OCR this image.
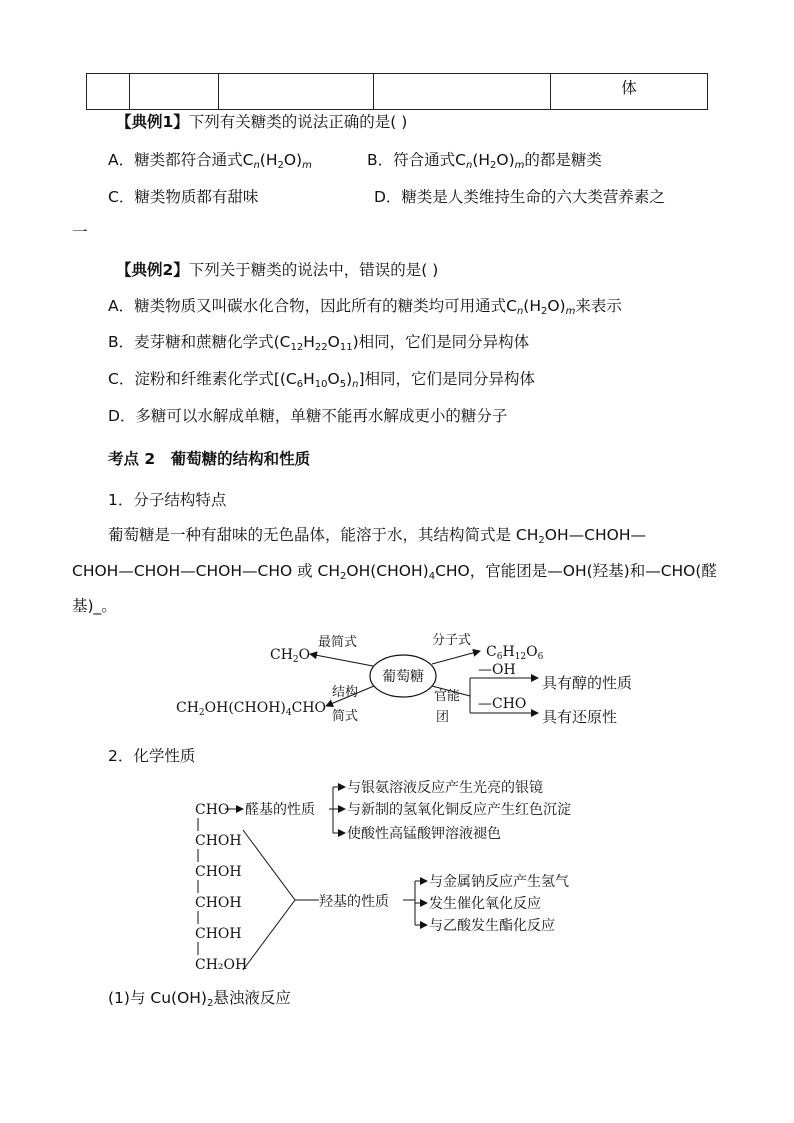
				体
【典例1】下列有关糖类的说法正确的是( )
A．糖类都符合通式$C_n(H_2O)_m$	B．符合通式$C_n(H_2O)_m$的都是糖类
C．糖类物质都有甜味	D．糖类是人类维持生命的六大类营养素之
一
【典例2】下列关于糖类的说法中，错误的是( )
A．糖类物质又叫碳水化合物，因此所有的糖类均可用通式$C_n(H_2O)_m$来表示
B．麦芽糖和蔗糖化学式$(C_{12}H_{22}O_{11})$相同，它们是同分异构体
C．淀粉和纤维素化学式$[(C_6H_{10}O_5)_n]$相同，它们是同分异构体
D．多糖可以水解成单糖，单糖不能再水解成更小的糖分子
考点 2　葡萄糖的结构和性质
1．分子结构特点
葡萄糖是一种有甜味的无色晶体，能溶于水，其结构简式是 $CH_2OH—CHOH—$
CHOH—CHOH—CHOH—CHO 或 $CH_2OH(CHOH)_4CHO$，官能团是—OH(羟基)和—CHO(醛
基)_。
葡萄糖
最简式
$CH_2O$
分子式
$C_6H_{12}O_6$
结构
简式
$CH_2OH(CHOH)_4CHO$
官能
团
—OH
—CHO
具有醇的性质
具有还原性
2．化学性质
CHO
CHOH
CHOH
CHOH
CHOH
CH₂OH
醛基的性质
与银氨溶液反应产生光亮的银镜
与新制的氢氧化铜反应产生红色沉淀
使酸性高锰酸钾溶液褪色
羟基的性质
与金属钠反应产生氢气
发生催化氧化反应
与乙酸发生酯化反应
(1)与 $Cu(OH)_2$悬浊液反应
